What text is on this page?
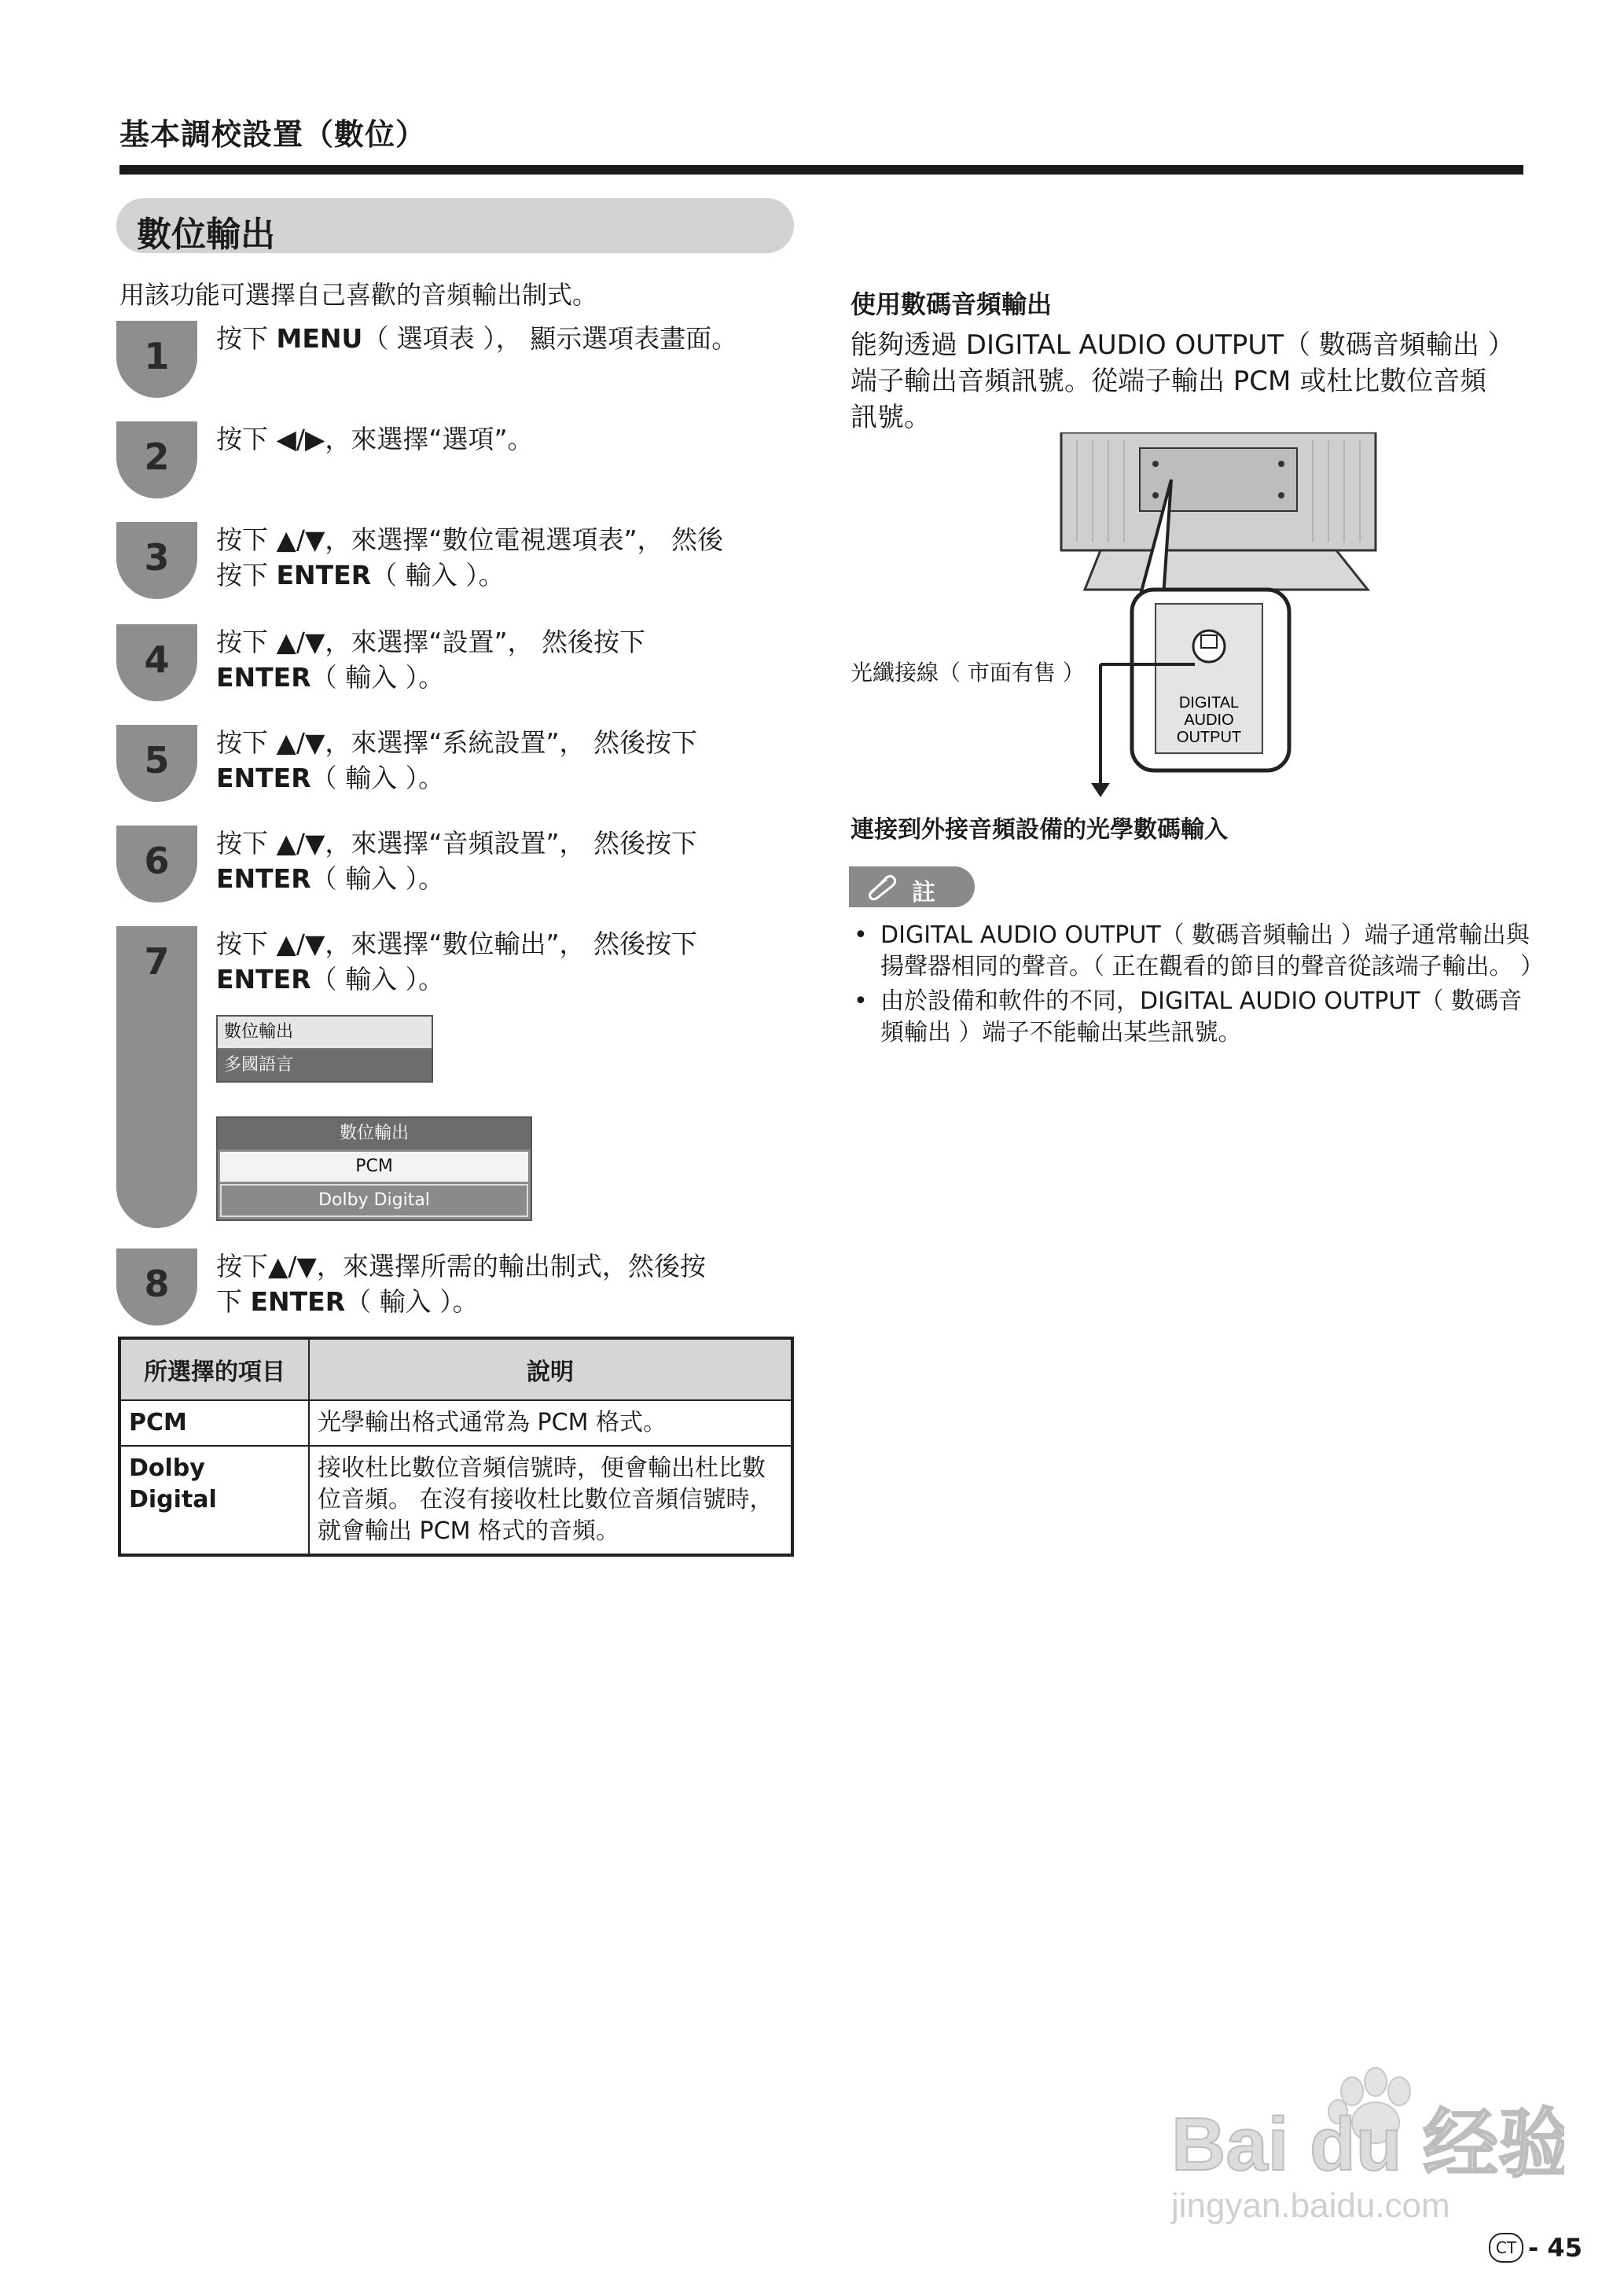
基本調校設置（數位）
數位輸出
用該功能可選擇自己喜歡的音頻輸出制式。
1	按下 MENU（ 選項表 ）， 顯示選項表畫面。
2	按下 ◀/▶，來選擇“選項”。
3	按下 ▲/▼，來選擇“數位電視選項表”， 然後
按下 ENTER（ 輸入 ）。
4	按下 ▲/▼，來選擇“設置”， 然後按下
ENTER（ 輸入 ）。
5	按下 ▲/▼，來選擇“系統設置”， 然後按下
ENTER（ 輸入 ）。
6	按下 ▲/▼，來選擇“音頻設置”， 然後按下
ENTER（ 輸入 ）。
7	按下 ▲/▼，來選擇“數位輸出”， 然後按下
ENTER（ 輸入 ）。
數位輸出
多國語言
數位輸出
PCM
Dolby Digital
8	按下▲/▼，來選擇所需的輸出制式，然後按
下 ENTER（ 輸入 ）。
所選擇的項目	說明
PCM	光學輸出格式通常為 PCM 格式。
Dolby Digital	接收杜比數位音頻信號時，便會輸出杜比數位音頻。 在沒有接收杜比數位音頻信號時，就會輸出 PCM 格式的音頻。
使用數碼音頻輸出
能夠透過 DIGITAL AUDIO OUTPUT（ 數碼音頻輸出 ）端子輸出音頻訊號。從端子輸出 PCM 或杜比數位音頻訊號。
DIGITAL
AUDIO
OUTPUT
光纖接線（ 市面有售 ）
連接到外接音頻設備的光學數碼輸入
註
• DIGITAL AUDIO OUTPUT（ 數碼音頻輸出 ）端子通常輸出與揚聲器相同的聲音。（ 正在觀看的節目的聲音從該端子輸出。 ）
• 由於設備和軟件的不同，DIGITAL AUDIO OUTPUT（ 數碼音頻輸出 ）端子不能輸出某些訊號。
Bai du 经验
jingyan.baidu.com
CT - 45
